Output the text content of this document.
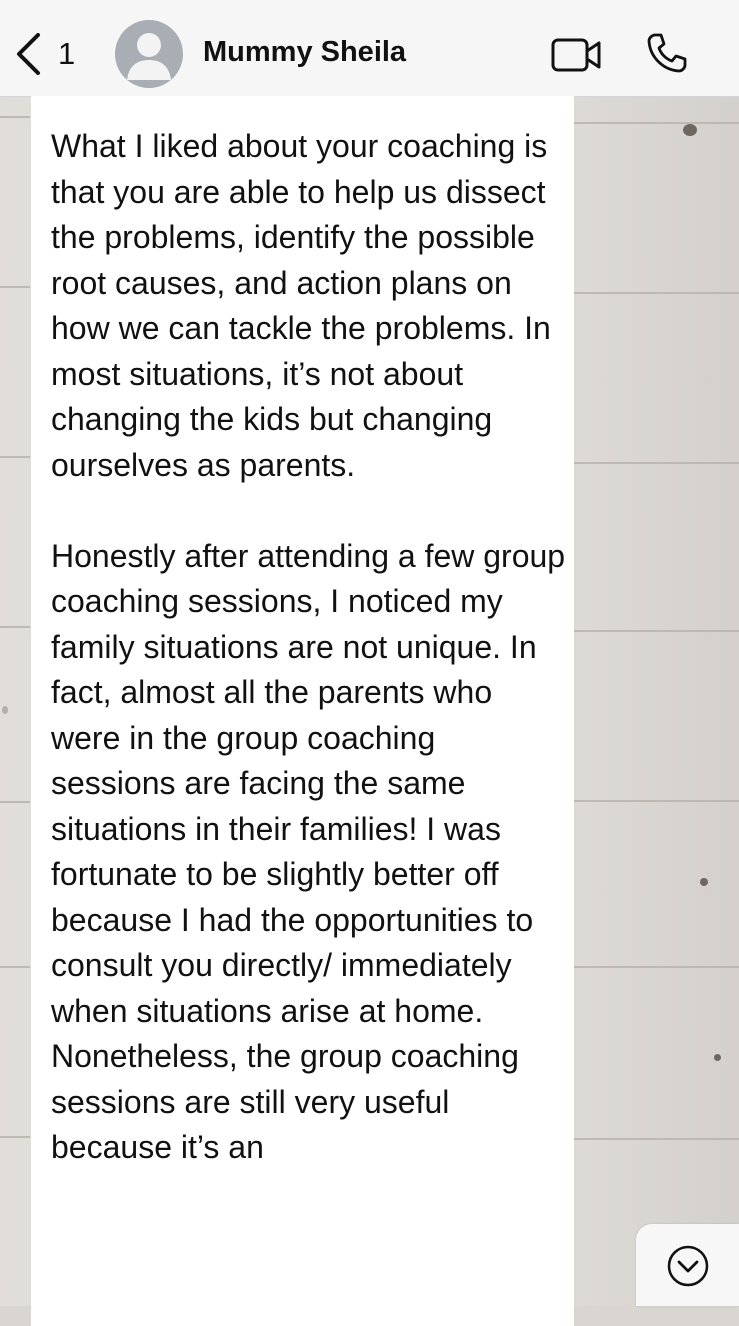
1	Mummy Sheila
What I liked about your coaching is that you are able to help us dissect the problems, identify the possible root causes, and action plans on how we can tackle the problems. In most situations, it’s not about changing the kids but changing ourselves as parents.

Honestly after attending a few group coaching sessions, I noticed my family situations are not unique. In fact, almost all the parents who were in the group coaching sessions are facing the same situations in their families! I was fortunate to be slightly better off because I had the opportunities to consult you directly/ immediately when situations arise at home. Nonetheless, the group coaching sessions are still very useful because it’s an
